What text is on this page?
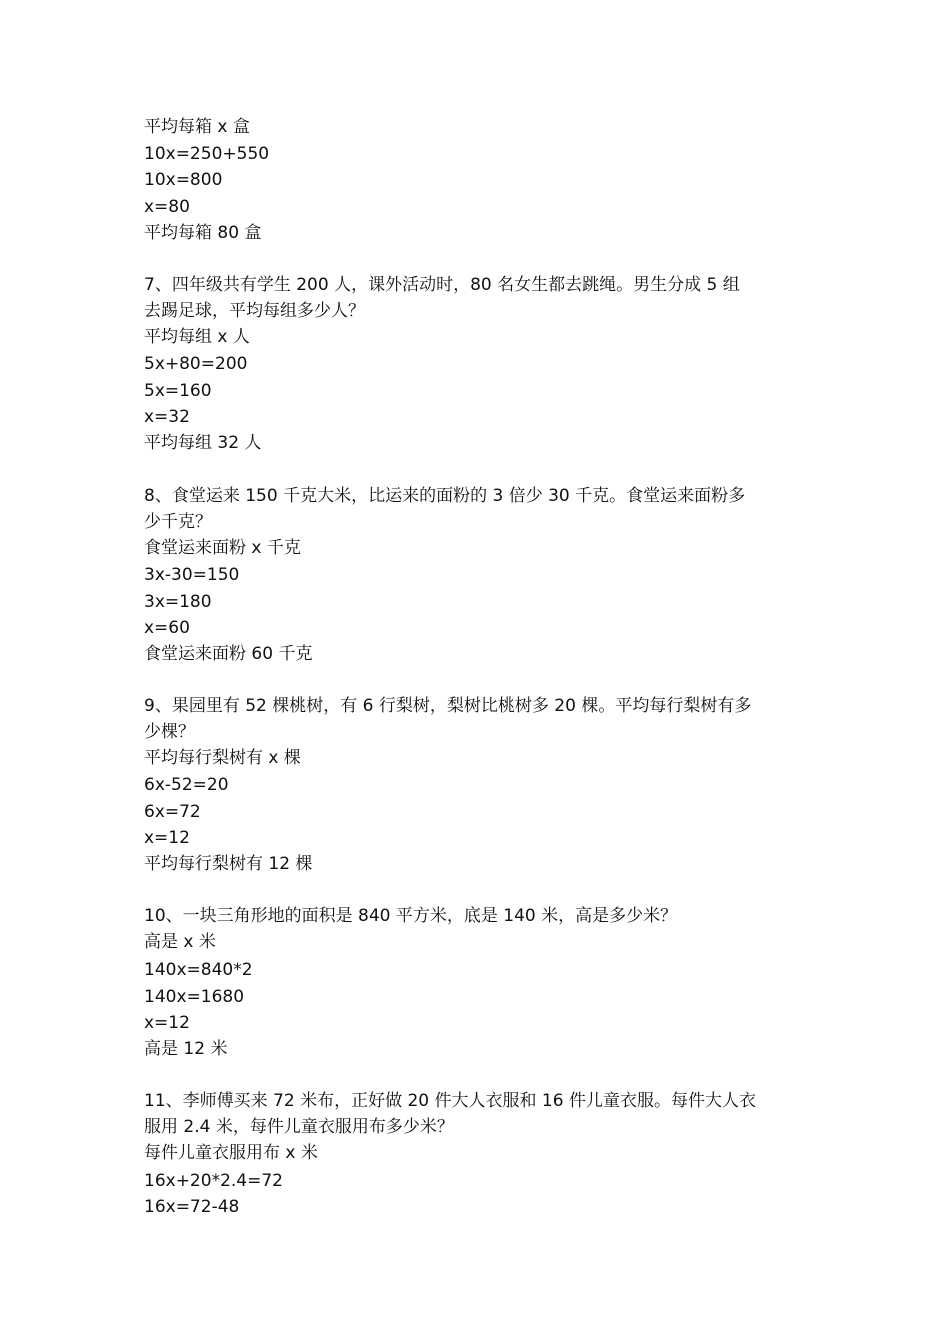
平均每箱 x 盒

10x=250+550

10x=800

x=80

平均每箱 80 盒

7、四年级共有学生 200 人，课外活动时，80 名女生都去跳绳。男生分成 5 组

去踢足球，平均每组多少人？

平均每组 x 人

5x+80=200

5x=160

x=32

平均每组 32 人

8、食堂运来 150 千克大米，比运来的面粉的 3 倍少 30 千克。食堂运来面粉多

少千克？

食堂运来面粉 x 千克

3x-30=150

3x=180

x=60

食堂运来面粉 60 千克

9、果园里有 52 棵桃树，有 6 行梨树，梨树比桃树多 20 棵。平均每行梨树有多

少棵？

平均每行梨树有 x 棵

6x-52=20

6x=72

x=12

平均每行梨树有 12 棵

10、一块三角形地的面积是 840 平方米，底是 140 米，高是多少米？

高是 x 米

140x=840*2

140x=1680

x=12

高是 12 米

11、李师傅买来 72 米布，正好做 20 件大人衣服和 16 件儿童衣服。每件大人衣

服用 2.4 米，每件儿童衣服用布多少米？

每件儿童衣服用布 x 米

16x+20*2.4=72

16x=72-48
